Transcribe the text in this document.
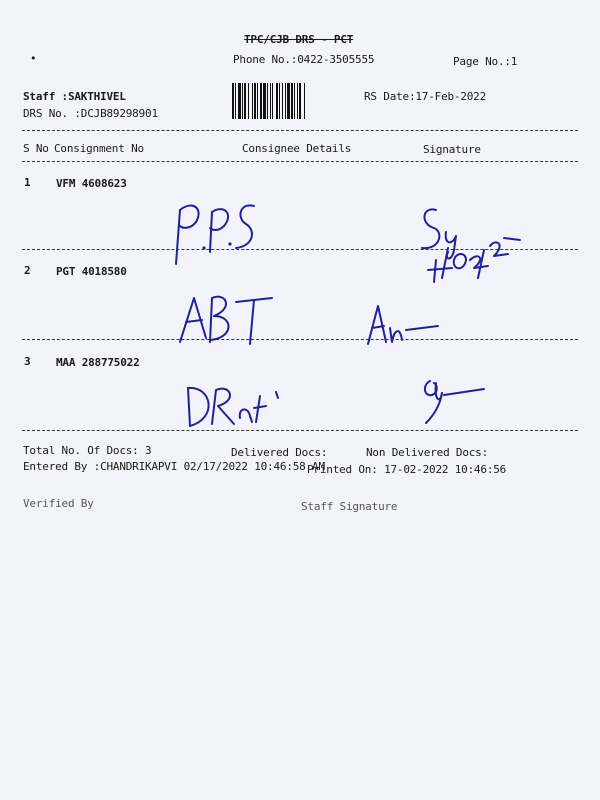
TPC/CJB DRS - PCT
Phone No.:0422-3505555	Page No.:1
•
Staff :SAKTHIVEL
DRS No. :DCJB89298901
RS Date:17-Feb-2022
S No Consignment No	Consignee Details	Signature
1 VFM 4608623
2 PGT 4018580
3 MAA 288775022
Total No. Of Docs: 3	Delivered Docs:	Non Delivered Docs:
Entered By :CHANDRIKAPVI 02/17/2022 10:46:58 AM
Printed On: 17-02-2022 10:46:56
Verified By	Staff Signature
